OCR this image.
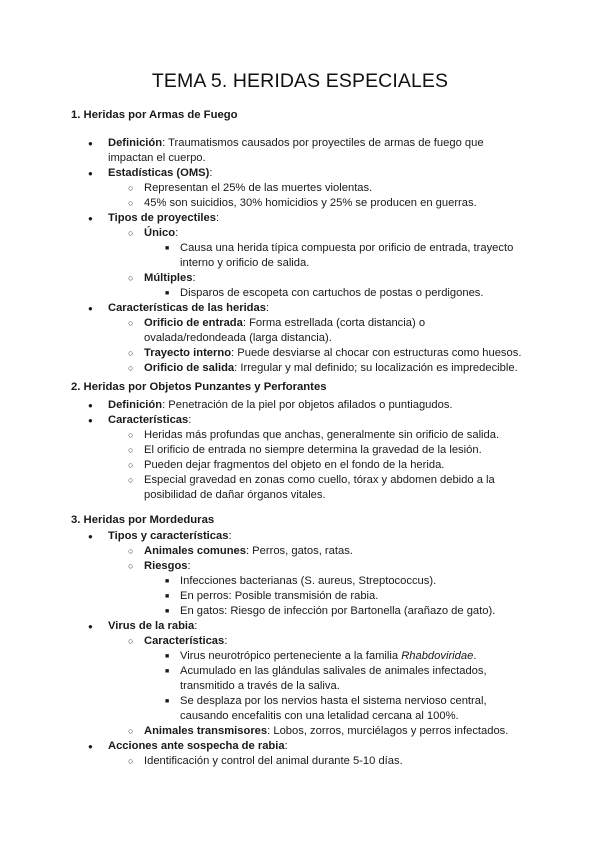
TEMA 5. HERIDAS ESPECIALES

1. Heridas por Armas de Fuego

● Definición: Traumatismos causados por proyectiles de armas de fuego que impactan el cuerpo.
● Estadísticas (OMS):
○ Representan el 25% de las muertes violentas.
○ 45% son suicidios, 30% homicidios y 25% se producen en guerras.
● Tipos de proyectiles:
○ Único:
■ Causa una herida típica compuesta por orificio de entrada, trayecto interno y orificio de salida.
○ Múltiples:
■ Disparos de escopeta con cartuchos de postas o perdigones.
● Características de las heridas:
○ Orificio de entrada: Forma estrellada (corta distancia) o ovalada/redondeada (larga distancia).
○ Trayecto interno: Puede desviarse al chocar con estructuras como huesos.
○ Orificio de salida: Irregular y mal definido; su localización es impredecible.

2. Heridas por Objetos Punzantes y Perforantes

● Definición: Penetración de la piel por objetos afilados o puntiagudos.
● Características:
○ Heridas más profundas que anchas, generalmente sin orificio de salida.
○ El orificio de entrada no siempre determina la gravedad de la lesión.
○ Pueden dejar fragmentos del objeto en el fondo de la herida.
○ Especial gravedad en zonas como cuello, tórax y abdomen debido a la posibilidad de dañar órganos vitales.

3. Heridas por Mordeduras

● Tipos y características:
○ Animales comunes: Perros, gatos, ratas.
○ Riesgos:
■ Infecciones bacterianas (S. aureus, Streptococcus).
■ En perros: Posible transmisión de rabia.
■ En gatos: Riesgo de infección por Bartonella (arañazo de gato).
● Virus de la rabia:
○ Características:
■ Virus neurotrópico perteneciente a la familia Rhabdoviridae.
■ Acumulado en las glándulas salivales de animales infectados, transmitido a través de la saliva.
■ Se desplaza por los nervios hasta el sistema nervioso central, causando encefalitis con una letalidad cercana al 100%.
○ Animales transmisores: Lobos, zorros, murciélagos y perros infectados.
● Acciones ante sospecha de rabia:
○ Identificación y control del animal durante 5-10 días.
